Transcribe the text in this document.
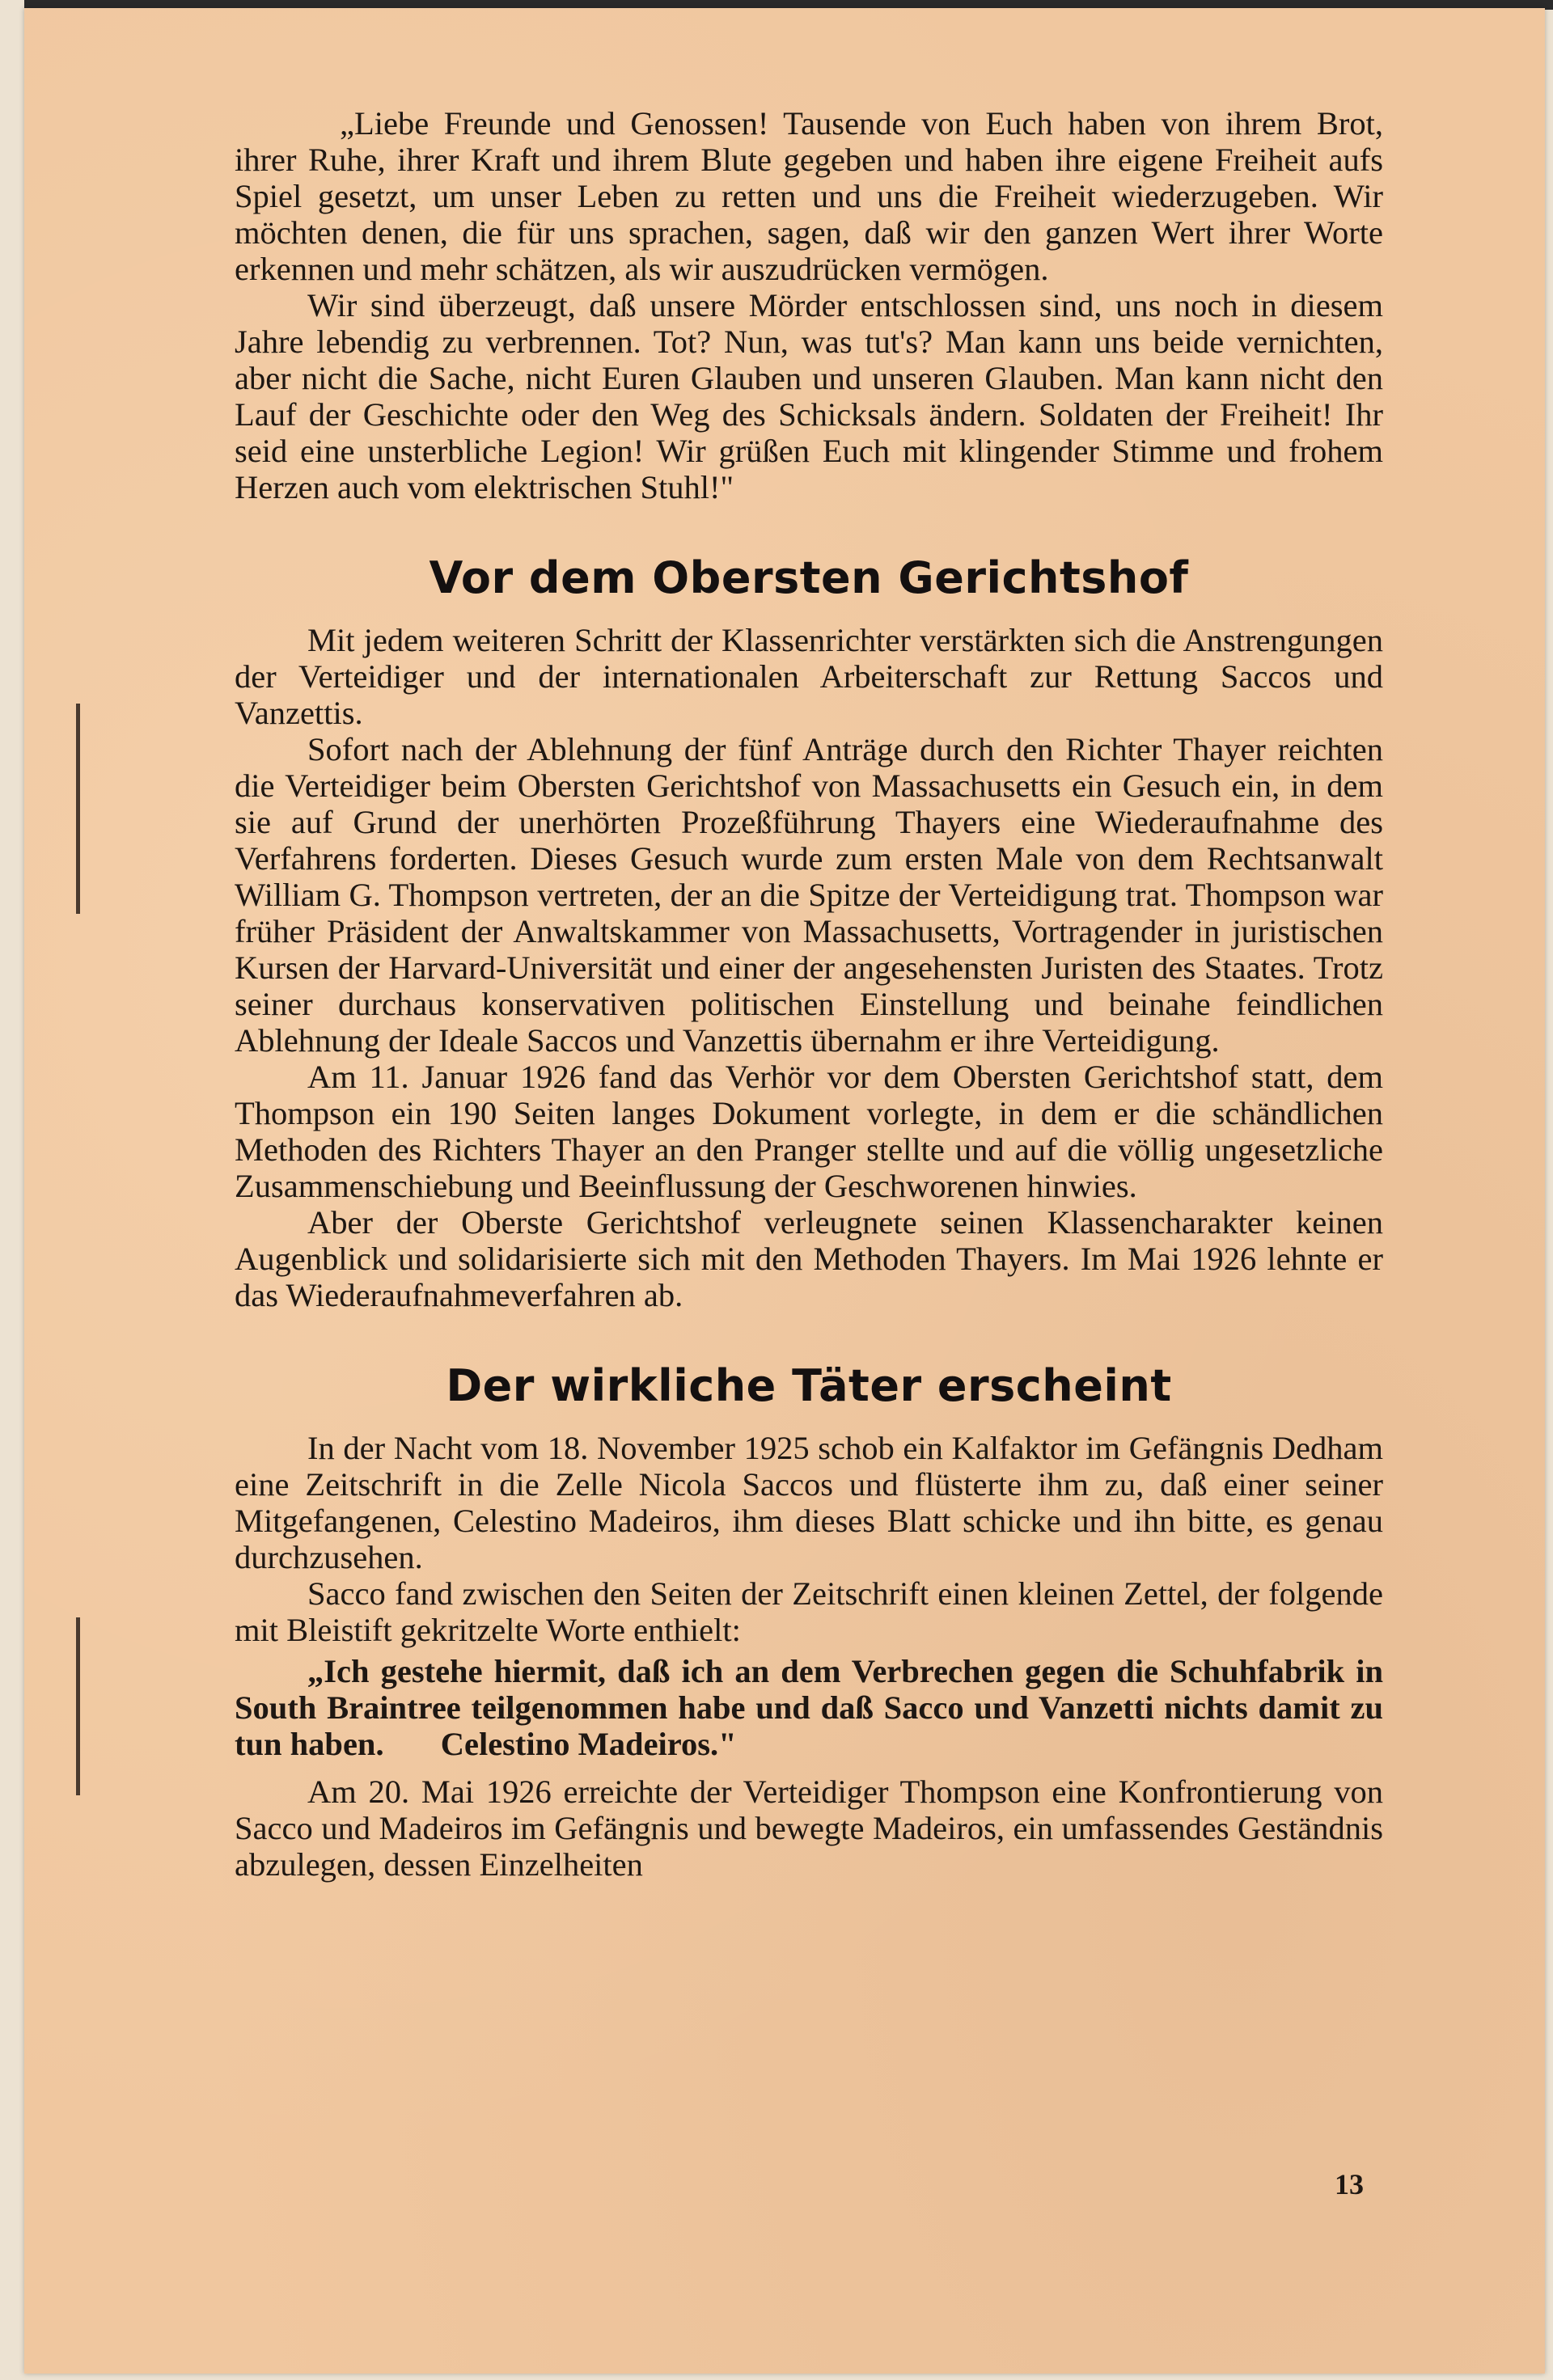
„Liebe Freunde und Genossen! Tausende von Euch haben von ihrem Brot, ihrer Ruhe, ihrer Kraft und ihrem Blute gegeben und haben ihre eigene Freiheit aufs Spiel gesetzt, um unser Leben zu retten und uns die Freiheit wiederzugeben. Wir möchten denen, die für uns sprachen, sagen, daß wir den ganzen Wert ihrer Worte erkennen und mehr schätzen, als wir auszudrücken vermögen.

Wir sind überzeugt, daß unsere Mörder entschlossen sind, uns noch in diesem Jahre lebendig zu verbrennen. Tot? Nun, was tut's? Man kann uns beide vernichten, aber nicht die Sache, nicht Euren Glauben und unseren Glauben. Man kann nicht den Lauf der Geschichte oder den Weg des Schicksals ändern. Soldaten der Freiheit! Ihr seid eine unsterbliche Legion! Wir grüßen Euch mit klingender Stimme und frohem Herzen auch vom elektrischen Stuhl!"

Vor dem Obersten Gerichtshof

Mit jedem weiteren Schritt der Klassenrichter verstärkten sich die Anstrengungen der Verteidiger und der internationalen Arbeiterschaft zur Rettung Saccos und Vanzettis.

Sofort nach der Ablehnung der fünf Anträge durch den Richter Thayer reichten die Verteidiger beim Obersten Gerichtshof von Massachusetts ein Gesuch ein, in dem sie auf Grund der unerhörten Prozeßführung Thayers eine Wiederaufnahme des Verfahrens forderten. Dieses Gesuch wurde zum ersten Male von dem Rechtsanwalt William G. Thompson vertreten, der an die Spitze der Verteidigung trat. Thompson war früher Präsident der Anwaltskammer von Massachusetts, Vortragender in juristischen Kursen der Harvard-Universität und einer der angesehensten Juristen des Staates. Trotz seiner durchaus konservativen politischen Einstellung und beinahe feindlichen Ablehnung der Ideale Saccos und Vanzettis übernahm er ihre Verteidigung.

Am 11. Januar 1926 fand das Verhör vor dem Obersten Gerichtshof statt, dem Thompson ein 190 Seiten langes Dokument vorlegte, in dem er die schändlichen Methoden des Richters Thayer an den Pranger stellte und auf die völlig ungesetzliche Zusammenschiebung und Beeinflussung der Geschworenen hinwies.

Aber der Oberste Gerichtshof verleugnete seinen Klassencharakter keinen Augenblick und solidarisierte sich mit den Methoden Thayers. Im Mai 1926 lehnte er das Wiederaufnahmeverfahren ab.

Der wirkliche Täter erscheint

In der Nacht vom 18. November 1925 schob ein Kalfaktor im Gefängnis Dedham eine Zeitschrift in die Zelle Nicola Saccos und flüsterte ihm zu, daß einer seiner Mitgefangenen, Celestino Madeiros, ihm dieses Blatt schicke und ihn bitte, es genau durchzusehen.

Sacco fand zwischen den Seiten der Zeitschrift einen kleinen Zettel, der folgende mit Bleistift gekritzelte Worte enthielt:

„Ich gestehe hiermit, daß ich an dem Verbrechen gegen die Schuhfabrik in South Braintree teilgenommen habe und daß Sacco und Vanzetti nichts damit zu tun haben. Celestino Madeiros."

Am 20. Mai 1926 erreichte der Verteidiger Thompson eine Konfrontierung von Sacco und Madeiros im Gefängnis und bewegte Madeiros, ein umfassendes Geständnis abzulegen, dessen Einzelheiten

13
